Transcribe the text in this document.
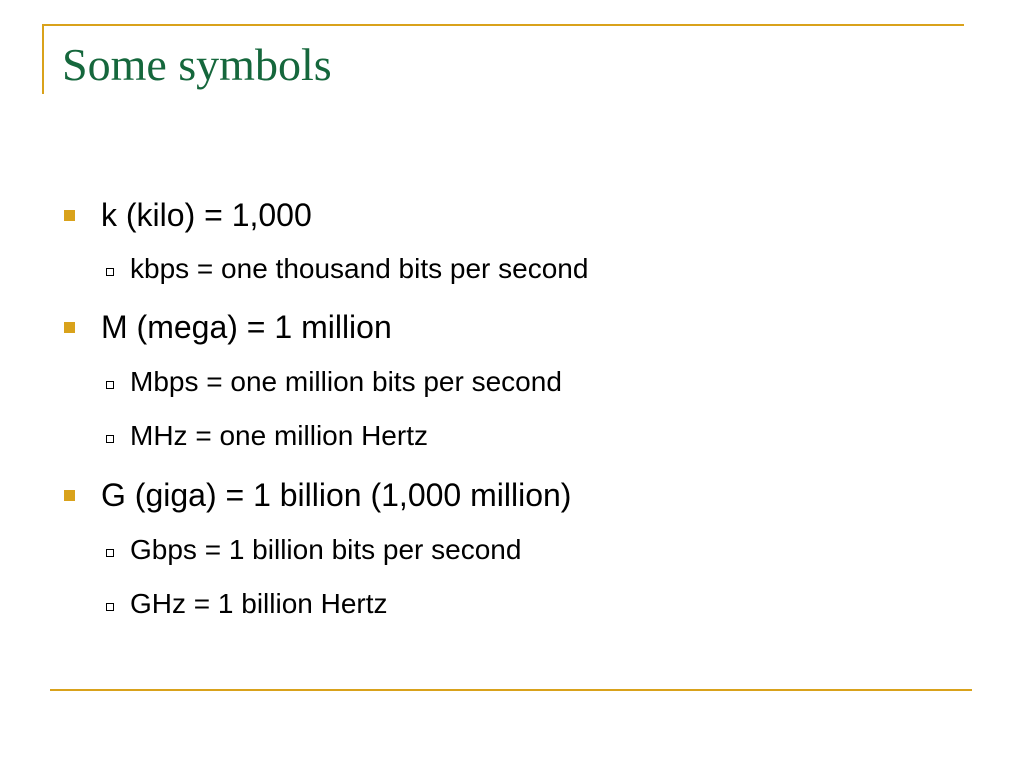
Some symbols
k (kilo) = 1,000
kbps = one thousand bits per second
M (mega) = 1 million
Mbps = one million bits per second
MHz = one million Hertz
G (giga) = 1 billion (1,000 million)
Gbps = 1 billion bits per second
GHz = 1 billion Hertz
